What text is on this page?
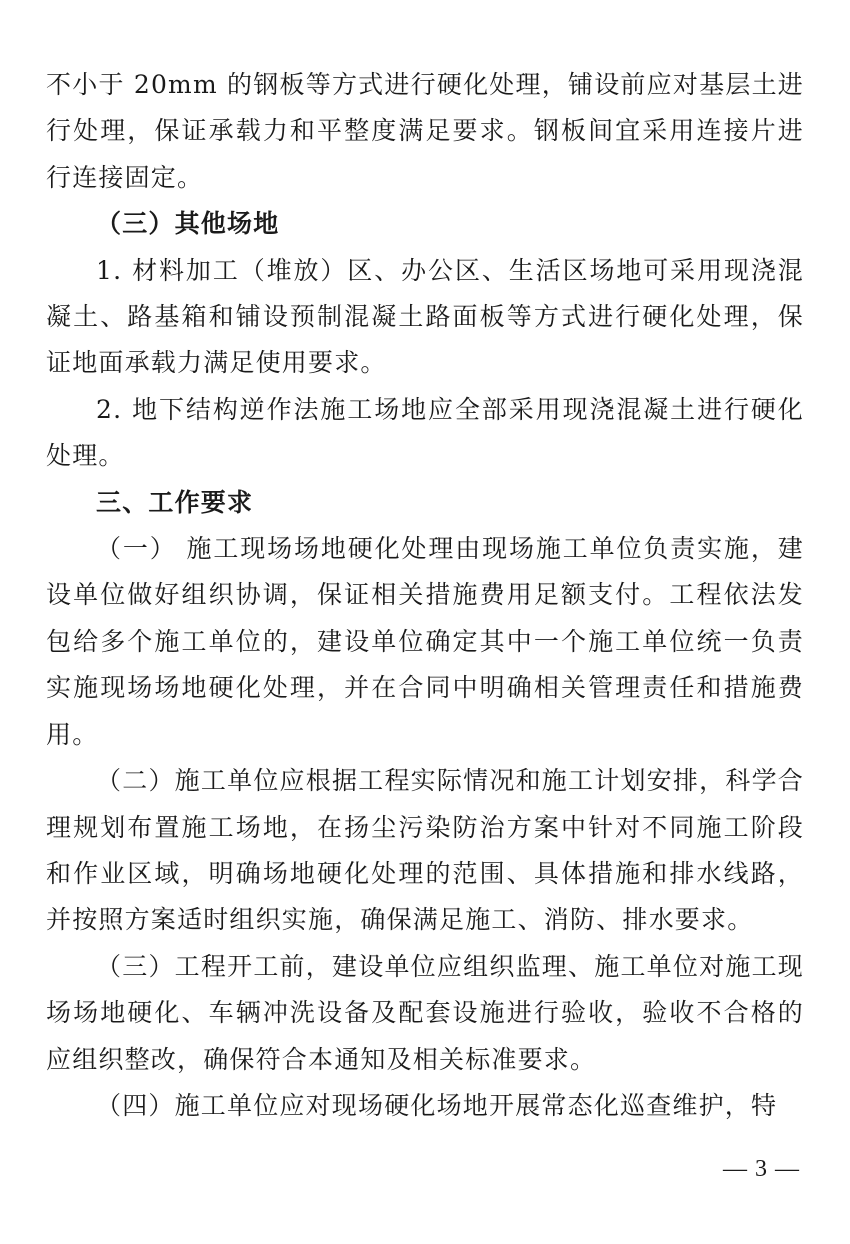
不小于 20mm 的钢板等方式进行硬化处理，铺设前应对基层土进行处理，保证承载力和平整度满足要求。钢板间宜采用连接片进行连接固定。

（三）其他场地

1. 材料加工（堆放）区、办公区、生活区场地可采用现浇混凝土、路基箱和铺设预制混凝土路面板等方式进行硬化处理，保证地面承载力满足使用要求。

2. 地下结构逆作法施工场地应全部采用现浇混凝土进行硬化处理。

三、工作要求

（一） 施工现场场地硬化处理由现场施工单位负责实施，建设单位做好组织协调，保证相关措施费用足额支付。工程依法发包给多个施工单位的，建设单位确定其中一个施工单位统一负责实施现场场地硬化处理，并在合同中明确相关管理责任和措施费用。

（二）施工单位应根据工程实际情况和施工计划安排，科学合理规划布置施工场地，在扬尘污染防治方案中针对不同施工阶段和作业区域，明确场地硬化处理的范围、具体措施和排水线路，并按照方案适时组织实施，确保满足施工、消防、排水要求。

（三）工程开工前，建设单位应组织监理、施工单位对施工现场场地硬化、车辆冲洗设备及配套设施进行验收，验收不合格的应组织整改，确保符合本通知及相关标准要求。

（四）施工单位应对现场硬化场地开展常态化巡查维护，特

— 3 —
